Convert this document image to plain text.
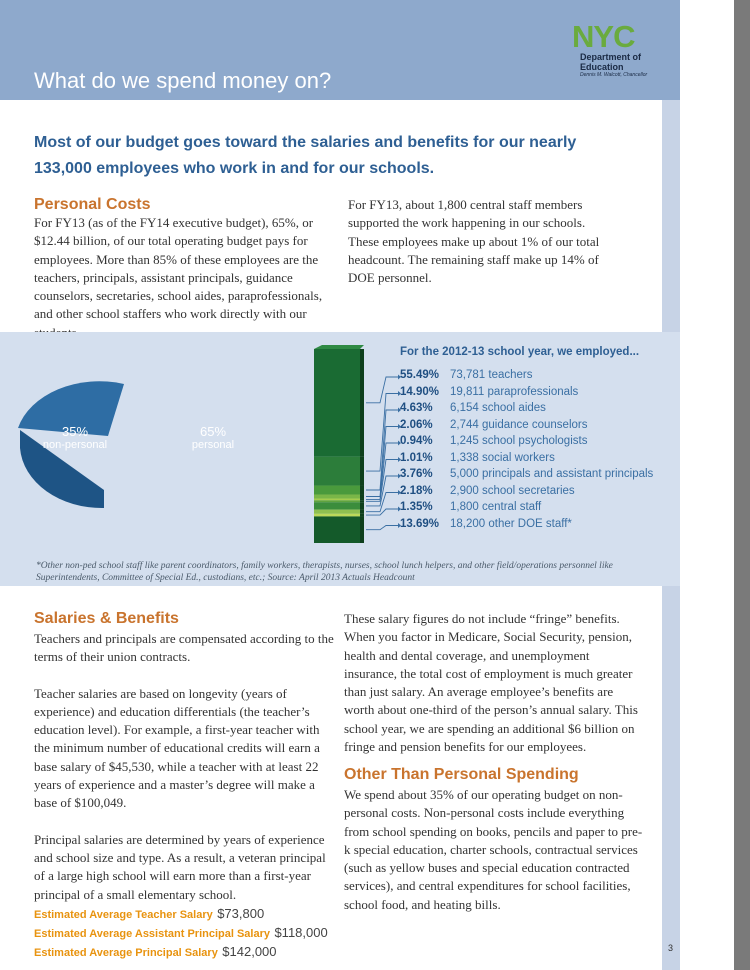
What do we spend money on?
NYC
Department of
Education
Dennis M. Walcott, Chancellor
Most of our budget goes toward the salaries and benefits for our nearly 133,000 employees who work in and for our schools.
Personal Costs
For FY13 (as of the FY14 executive budget), 65%, or $12.44 billion, of our total operating budget pays for employees. More than 85% of these employees are the teachers, principals, assistant principals, guidance counselors, secretaries, school aides, paraprofessionals, and other school staffers who work directly with our
For FY13, about 1,800 central staff members supported the work happening in our schools. These employees make up about 1% of our total headcount. The remaining staff make up 14% of DOE personnel.
35%
non-personal
65%
personal
For the 2012-13 school year, we employed...
55.49% 73,781 teachers
14.90% 19,811 paraprofessionals
4.63% 6,154 school aides
2.06% 2,744 guidance counselors
0.94% 1,245 school psychologists
1.01% 1,338 social workers
3.76% 5,000 principals and assistant principals
2.18% 2,900 school secretaries
1.35% 1,800 central staff
13.69% 18,200 other DOE staff*
*Other non-ped school staff like parent coordinators, family workers, therapists, nurses, school lunch helpers, and other field/operations personnel like Superintendents, Committee of Special Ed., custodians, etc.; Source: April 2013 Actuals Headcount
Salaries & Benefits

Teachers and principals are compensated according to the terms of their union contracts.

Teacher salaries are based on longevity (years of experience) and education differentials (the teacher’s education level). For example, a first-year teacher with the minimum number of educational credits will earn a base salary of $45,530, while a teacher with at least 22 years of experience and a master’s degree will make a base of $100,049.

Principal salaries are determined by years of experience and school size and type. As a result, a veteran principal of a large high school will earn more than a first-year principal of a small elementary school.

These salary figures do not include “fringe” benefits. When you factor in Medicare, Social Security, pension, health and dental coverage, and unemployment insurance, the total cost of employment is much greater than just salary. An average employee’s benefits are worth about one-third of the person’s annual salary. This school year, we are spending an additional $6 billion on fringe and pension benefits for our employees.
Other Than Personal Spending
We spend about 35% of our operating budget on non-personal costs. Non-personal costs include everything from school spending on books, pencils and paper to pre-k special education, charter schools, contractual services (such as yellow buses and special education contracted services), and central expenditures for school facilities, school food, and heating bills.
Estimated Average Teacher Salary $73,800
Estimated Average Assistant Principal Salary $118,000
Estimated Average Principal Salary $142,000	3
